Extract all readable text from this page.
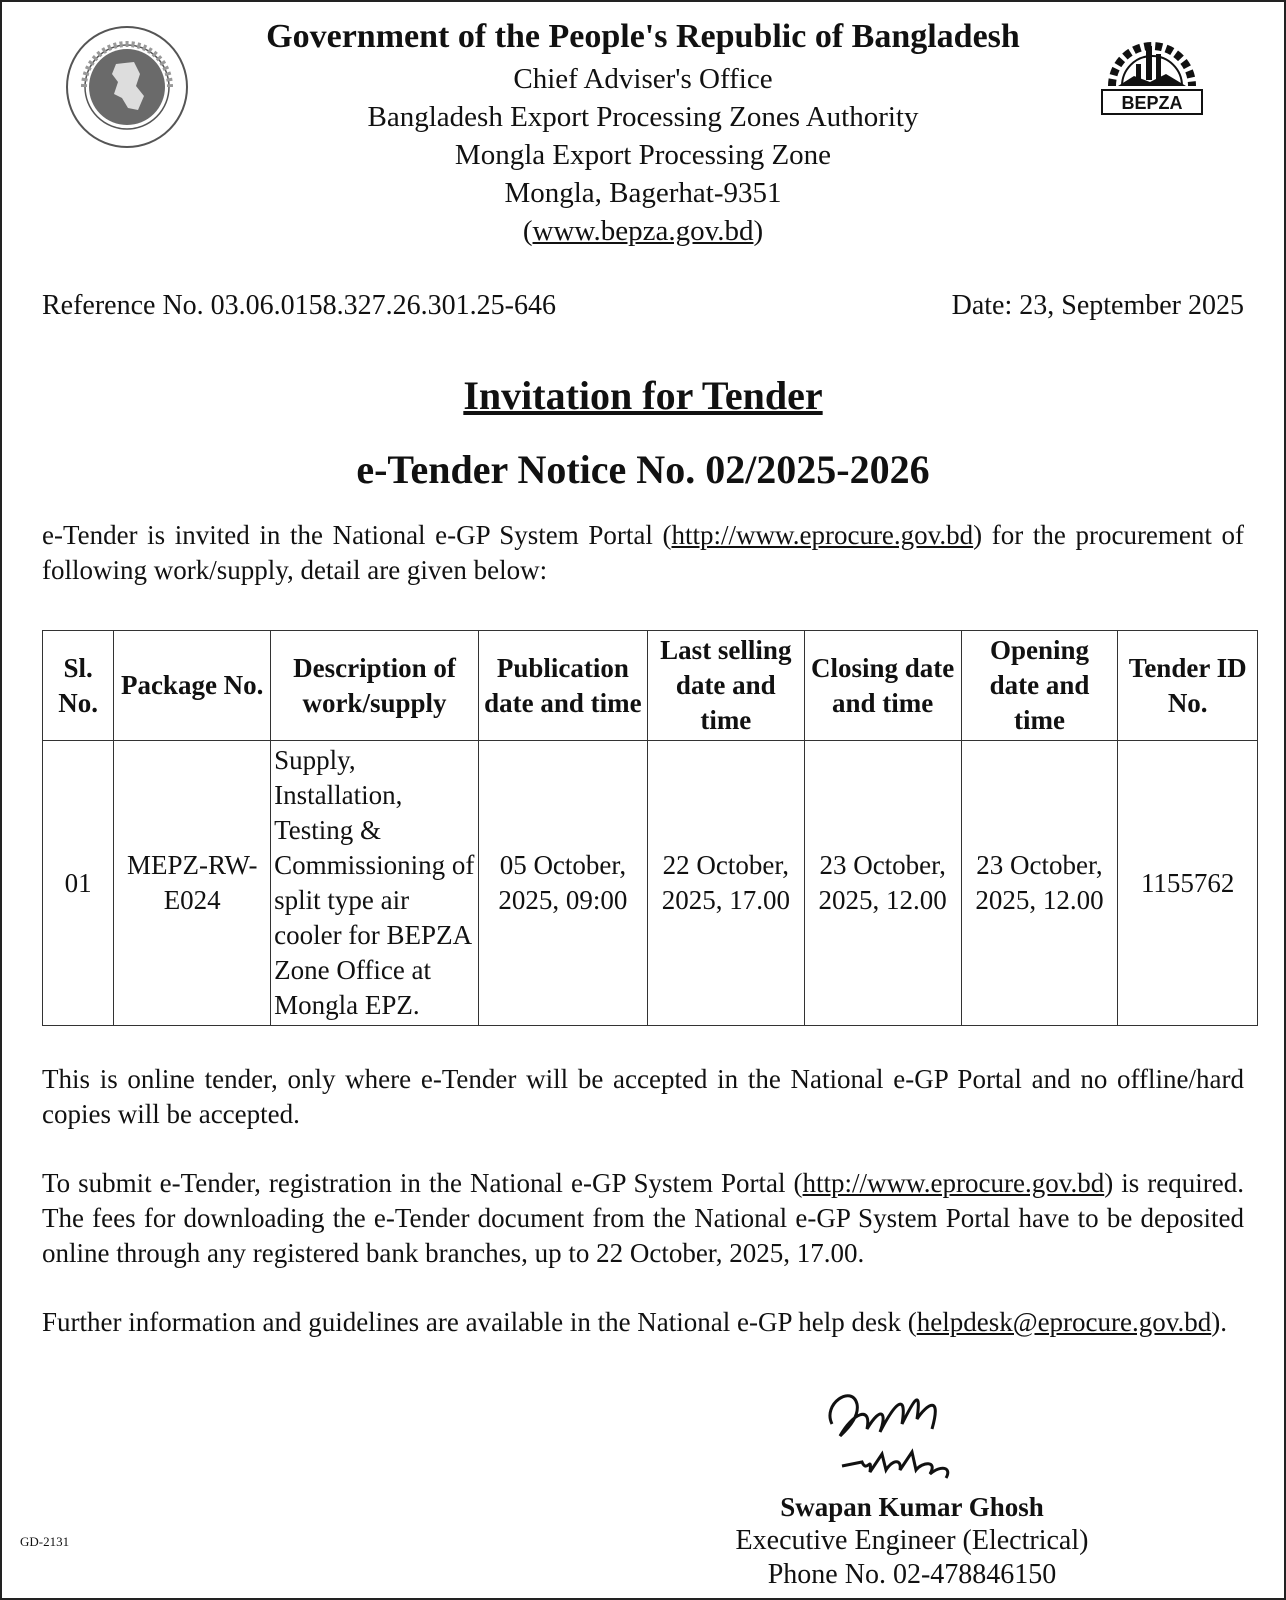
Government of the People's Republic of Bangladesh
Chief Adviser's Office
Bangladesh Export Processing Zones Authority
Mongla Export Processing Zone
Mongla, Bagerhat-9351
(www.bepza.gov.bd)
BEPZA
Reference No. 03.06.0158.327.26.301.25-646	Date: 23, September 2025
Invitation for Tender
e-Tender Notice No. 02/2025-2026
e-Tender is invited in the National e-GP System Portal (http://www.eprocure.gov.bd) for the procurement of following work/supply, detail are given below:
Sl. No.	Package No.	Description of work/supply	Publication date and time	Last selling date and time	Closing date and time	Opening date and time	Tender ID No.
01	MEPZ-RW-E024	Supply, Installation, Testing & Commissioning of split type air cooler for BEPZA Zone Office at Mongla EPZ.	05 October, 2025, 09:00	22 October, 2025, 17.00	23 October, 2025, 12.00	23 October, 2025, 12.00	1155762
This is online tender, only where e-Tender will be accepted in the National e-GP Portal and no offline/hard copies will be accepted.
To submit e-Tender, registration in the National e-GP System Portal (http://www.eprocure.gov.bd) is required. The fees for downloading the e-Tender document from the National e-GP System Portal have to be deposited online through any registered bank branches, up to 22 October, 2025, 17.00.
Further information and guidelines are available in the National e-GP help desk (helpdesk@eprocure.gov.bd).
Swapan Kumar Ghosh
Executive Engineer (Electrical)
Phone No. 02-478846150
GD-2131
